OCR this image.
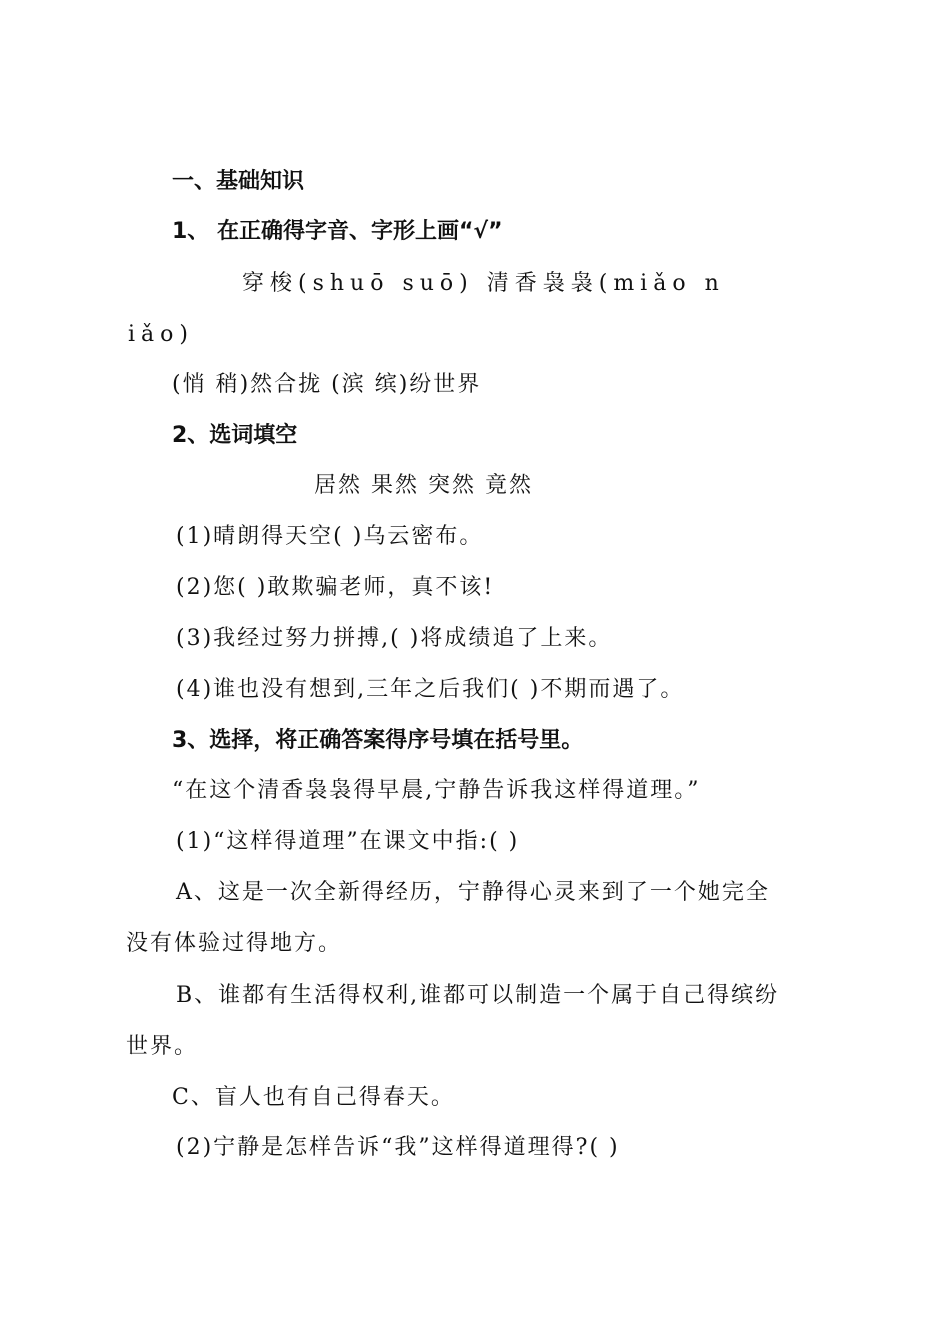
一、基础知识
1、 在正确得字音、字形上画“√”
穿梭(shuō suō) 清香袅袅(miǎo n
iǎo)
(悄 稍)然合拢 (滨 缤)纷世界
2、选词填空
居然 果然 突然 竟然
(1)晴朗得天空( )乌云密布。
(2)您( )敢欺骗老师，真不该!
(3)我经过努力拼搏,( )将成绩追了上来。
(4)谁也没有想到,三年之后我们( )不期而遇了。
3、选择，将正确答案得序号填在括号里。
“在这个清香袅袅得早晨,宁静告诉我这样得道理。”
(1)“这样得道理”在课文中指:( )
A、这是一次全新得经历，宁静得心灵来到了一个她完全
没有体验过得地方。
B、谁都有生活得权利,谁都可以制造一个属于自己得缤纷
世界。
C、盲人也有自己得春天。
(2)宁静是怎样告诉“我”这样得道理得?( )
